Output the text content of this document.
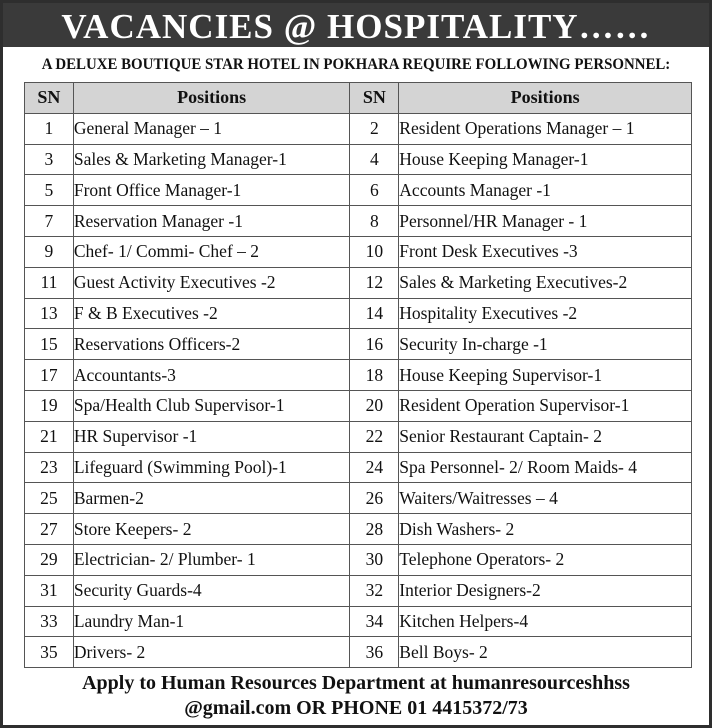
VACANCIES @ HOSPITALITY……
A DELUXE BOUTIQUE STAR HOTEL IN POKHARA REQUIRE FOLLOWING PERSONNEL:
SN	Positions	SN	Positions
1	General Manager – 1	2	Resident Operations Manager – 1
3	Sales & Marketing Manager-1	4	House Keeping Manager-1
5	Front Office Manager-1	6	Accounts Manager -1
7	Reservation Manager -1	8	Personnel/HR Manager - 1
9	Chef- 1/ Commi- Chef – 2	10	Front Desk Executives -3
11	Guest Activity Executives -2	12	Sales & Marketing Executives-2
13	F & B Executives -2	14	Hospitality Executives -2
15	Reservations Officers-2	16	Security In-charge -1
17	Accountants-3	18	House Keeping Supervisor-1
19	Spa/Health Club Supervisor-1	20	Resident Operation Supervisor-1
21	HR Supervisor -1	22	Senior Restaurant Captain- 2
23	Lifeguard (Swimming Pool)-1	24	Spa Personnel- 2/ Room Maids- 4
25	Barmen-2	26	Waiters/Waitresses – 4
27	Store Keepers- 2	28	Dish Washers- 2
29	Electrician- 2/ Plumber- 1	30	Telephone Operators- 2
31	Security Guards-4	32	Interior Designers-2
33	Laundry Man-1	34	Kitchen Helpers-4
35	Drivers- 2	36	Bell Boys- 2
Apply to Human Resources Department at humanresourceshhss
@gmail.com OR PHONE 01 4415372/73
